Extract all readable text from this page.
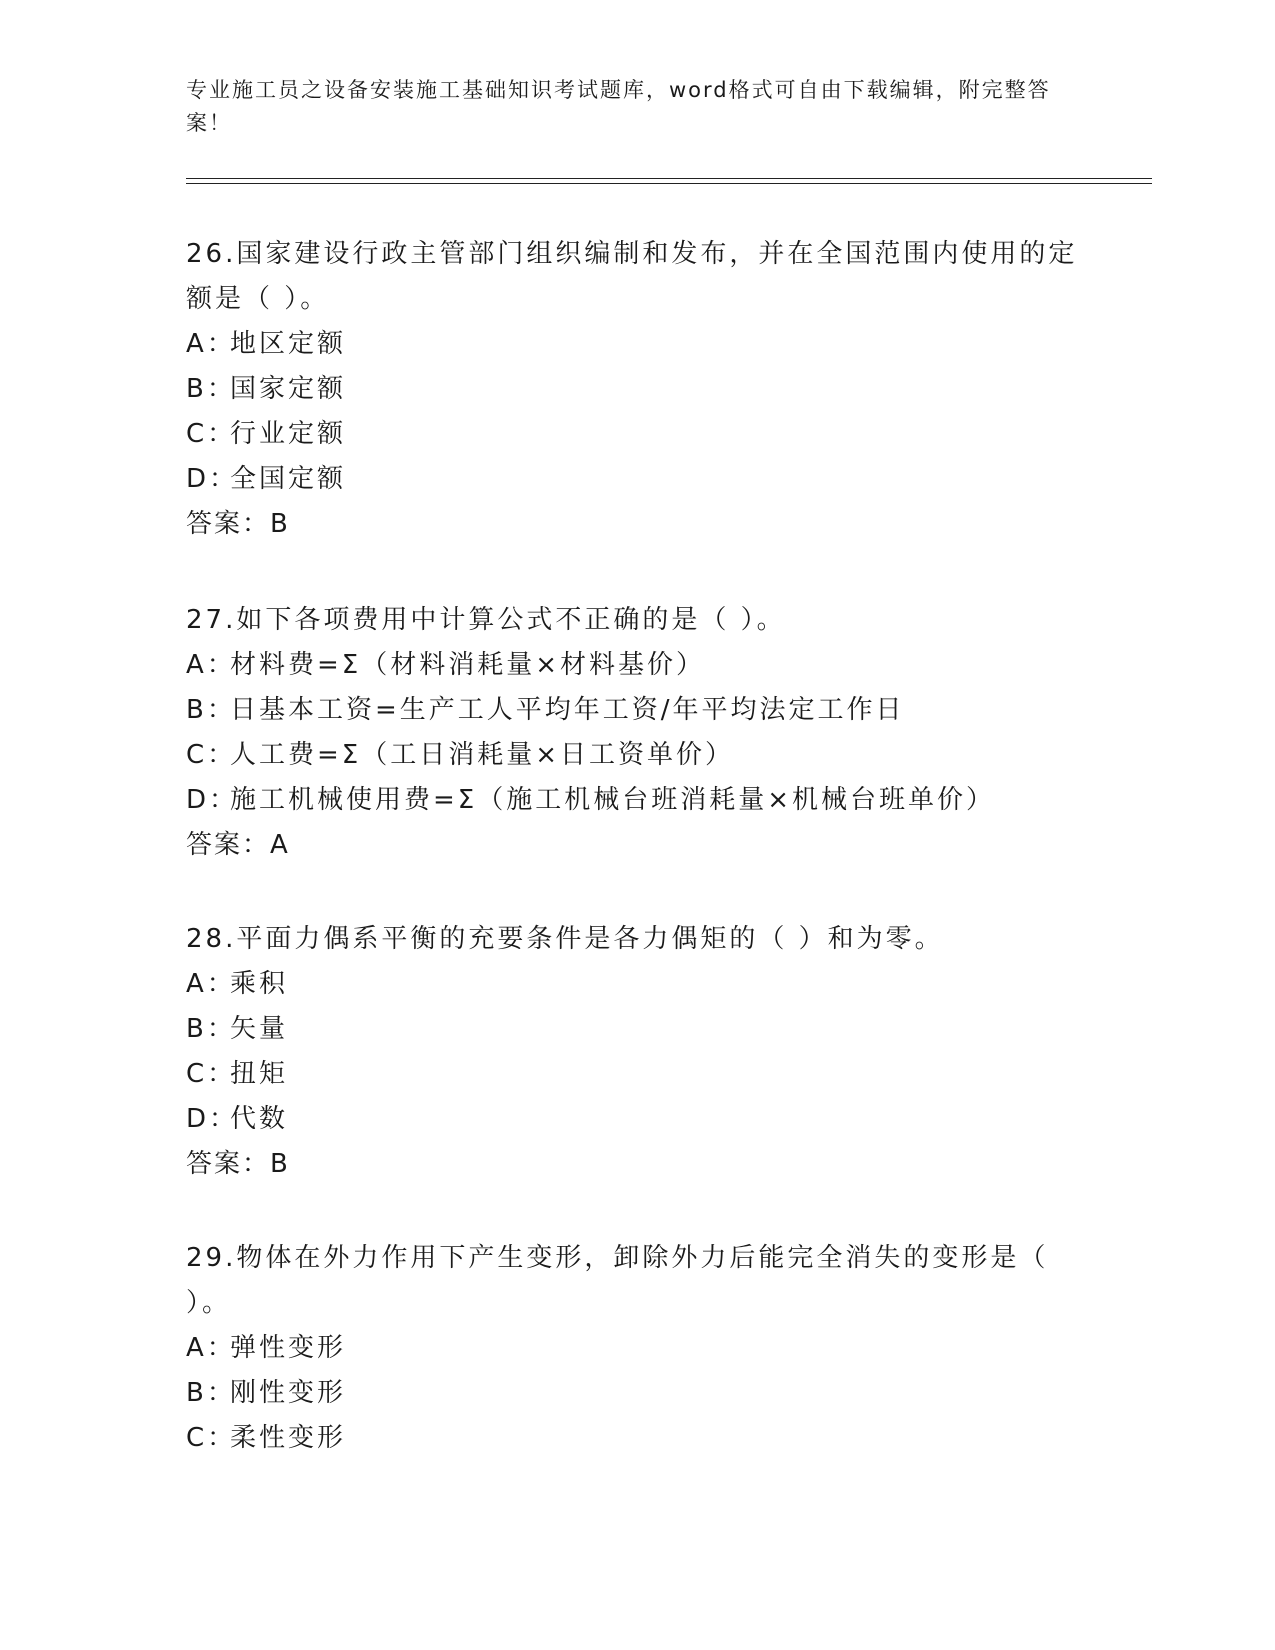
专业施工员之设备安装施工基础知识考试题库，word格式可自由下载编辑，附完整答案！

26.国家建设行政主管部门组织编制和发布，并在全国范围内使用的定额是（ ）。

A：地区定额

B：国家定额

C：行业定额

D：全国定额

答案：B

27.如下各项费用中计算公式不正确的是（ ）。

A：材料费=Σ（材料消耗量×材料基价）

B：日基本工资=生产工人平均年工资/年平均法定工作日

C：人工费=Σ（工日消耗量×日工资单价）

D：施工机械使用费=Σ（施工机械台班消耗量×机械台班单价）

答案：A

28.平面力偶系平衡的充要条件是各力偶矩的（ ）和为零。

A：乘积

B：矢量

C：扭矩

D：代数

答案：B

29.物体在外力作用下产生变形，卸除外力后能完全消失的变形是（ ）。

A：弹性变形

B：刚性变形

C：柔性变形
